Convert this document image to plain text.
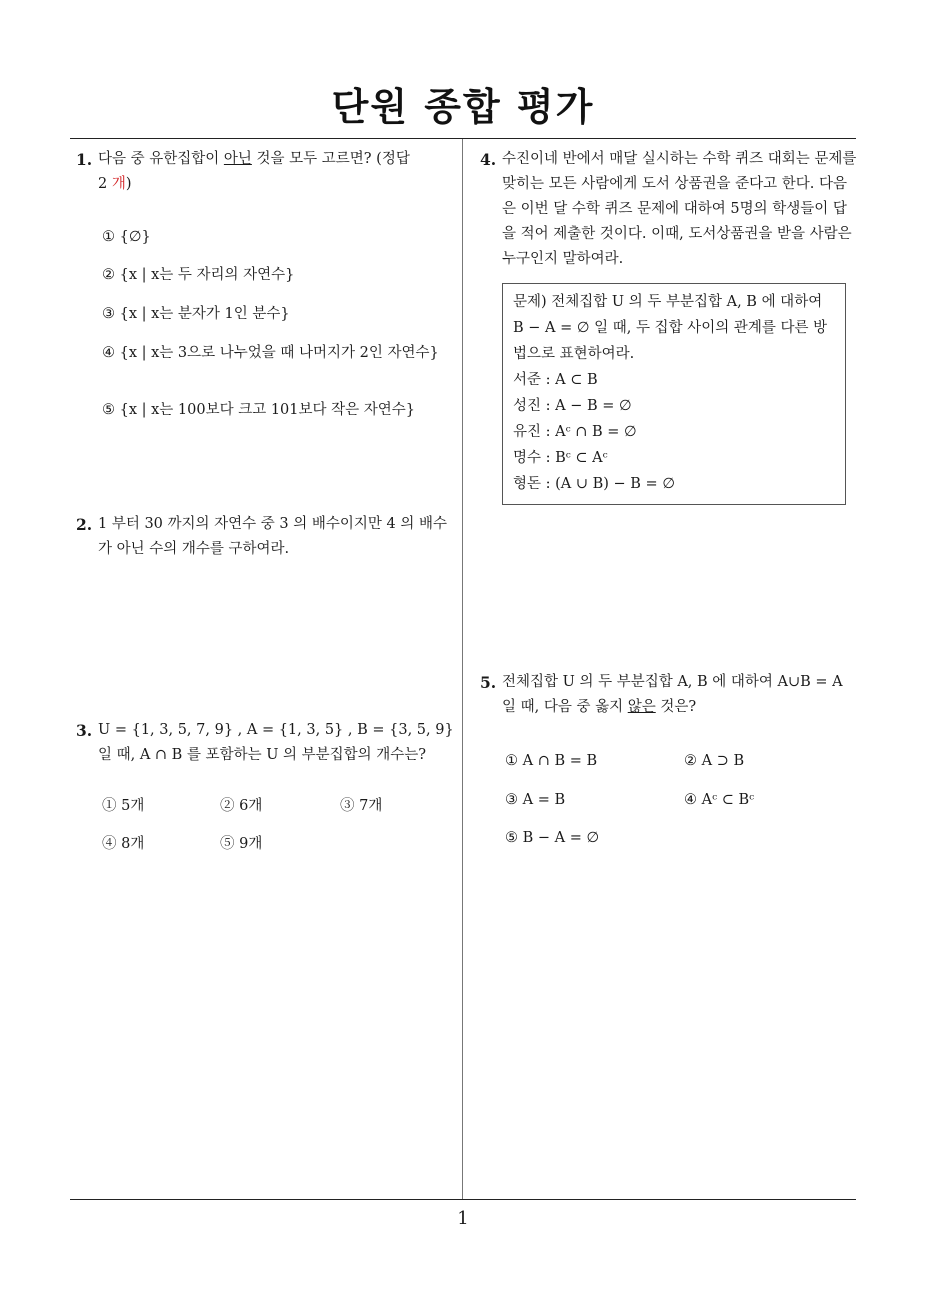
단원 종합 평가
1
1. 다음 중 유한집합이 아닌 것을 모두 고르면? (정답
2 개)
① {∅}
② {x | x는 두 자리의 자연수}
③ {x | x는 분자가 1인 분수}
④ {x | x는 3으로 나누었을 때 나머지가 2인 자연수}
⑤ {x | x는 100보다 크고 101보다 작은 자연수}
2. 1 부터 30 까지의 자연수 중 3 의 배수이지만 4 의 배수가 아닌 수의 개수를 구하여라.
3. U = {1, 3, 5, 7, 9} , A = {1, 3, 5} , B = {3, 5, 9} 일 때, A ∩ B 를 포함하는 U 의 부분집합의 개수는?
① 5개	② 6개	③ 7개
④ 8개	⑤ 9개
4. 수진이네 반에서 매달 실시하는 수학 퀴즈 대회는 문제를 맞히는 모든 사람에게 도서 상품권을 준다고 한다. 다음은 이번 달 수학 퀴즈 문제에 대하여 5명의 학생들이 답을 적어 제출한 것이다. 이때, 도서상품권을 받을 사람은 누구인지 말하여라.
문제) 전체집합 U 의 두 부분집합 A, B 에 대하여 B − A = ∅ 일 때, 두 집합 사이의 관계를 다른 방법으로 표현하여라.
서준 : A ⊂ B
성진 : A − B = ∅
유진 : Aᶜ ∩ B = ∅
명수 : Bᶜ ⊂ Aᶜ
형돈 : (A ∪ B) − B = ∅
5. 전체집합 U 의 두 부분집합 A, B 에 대하여 A∪B = A 일 때, 다음 중 옳지 않은 것은?
① A ∩ B = B	② A ⊃ B
③ A = B	④ Aᶜ ⊂ Bᶜ
⑤ B − A = ∅
